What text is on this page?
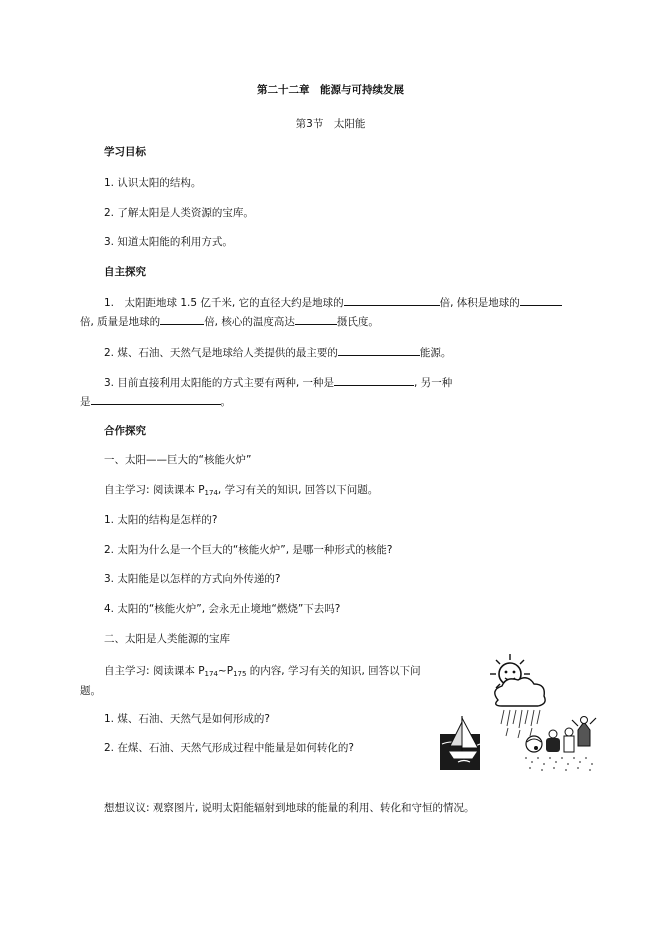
第二十二章　能源与可持续发展
第3节　太阳能
学习目标
1. 认识太阳的结构。
2. 了解太阳是人类资源的宝库。
3. 知道太阳能的利用方式。
自主探究
1.　太阳距地球 1.5 亿千米, 它的直径大约是地球的	倍, 体积是地球的
倍, 质量是地球的	倍, 核心的温度高达	摄氏度。
2. 煤、石油、天然气是地球给人类提供的最主要的	能源。
3. 目前直接利用太阳能的方式主要有两种, 一种是	, 另一种
是	。
合作探究
一、太阳——巨大的“核能火炉”
自主学习: 阅读课本 $P_{174}$, 学习有关的知识, 回答以下问题。
1. 太阳的结构是怎样的?
2. 太阳为什么是一个巨大的“核能火炉”, 是哪一种形式的核能?
3. 太阳能是以怎样的方式向外传递的?
4. 太阳的“核能火炉”, 会永无止境地“燃烧”下去吗?
二、太阳是人类能源的宝库
自主学习: 阅读课本 $P_{174}\sim P_{175}$ 的内容, 学习有关的知识, 回答以下问
题。
1. 煤、石油、天然气是如何形成的?
2. 在煤、石油、天然气形成过程中能量是如何转化的?
想想议议: 观察图片, 说明太阳能辐射到地球的能量的利用、转化和守恒的情况。
